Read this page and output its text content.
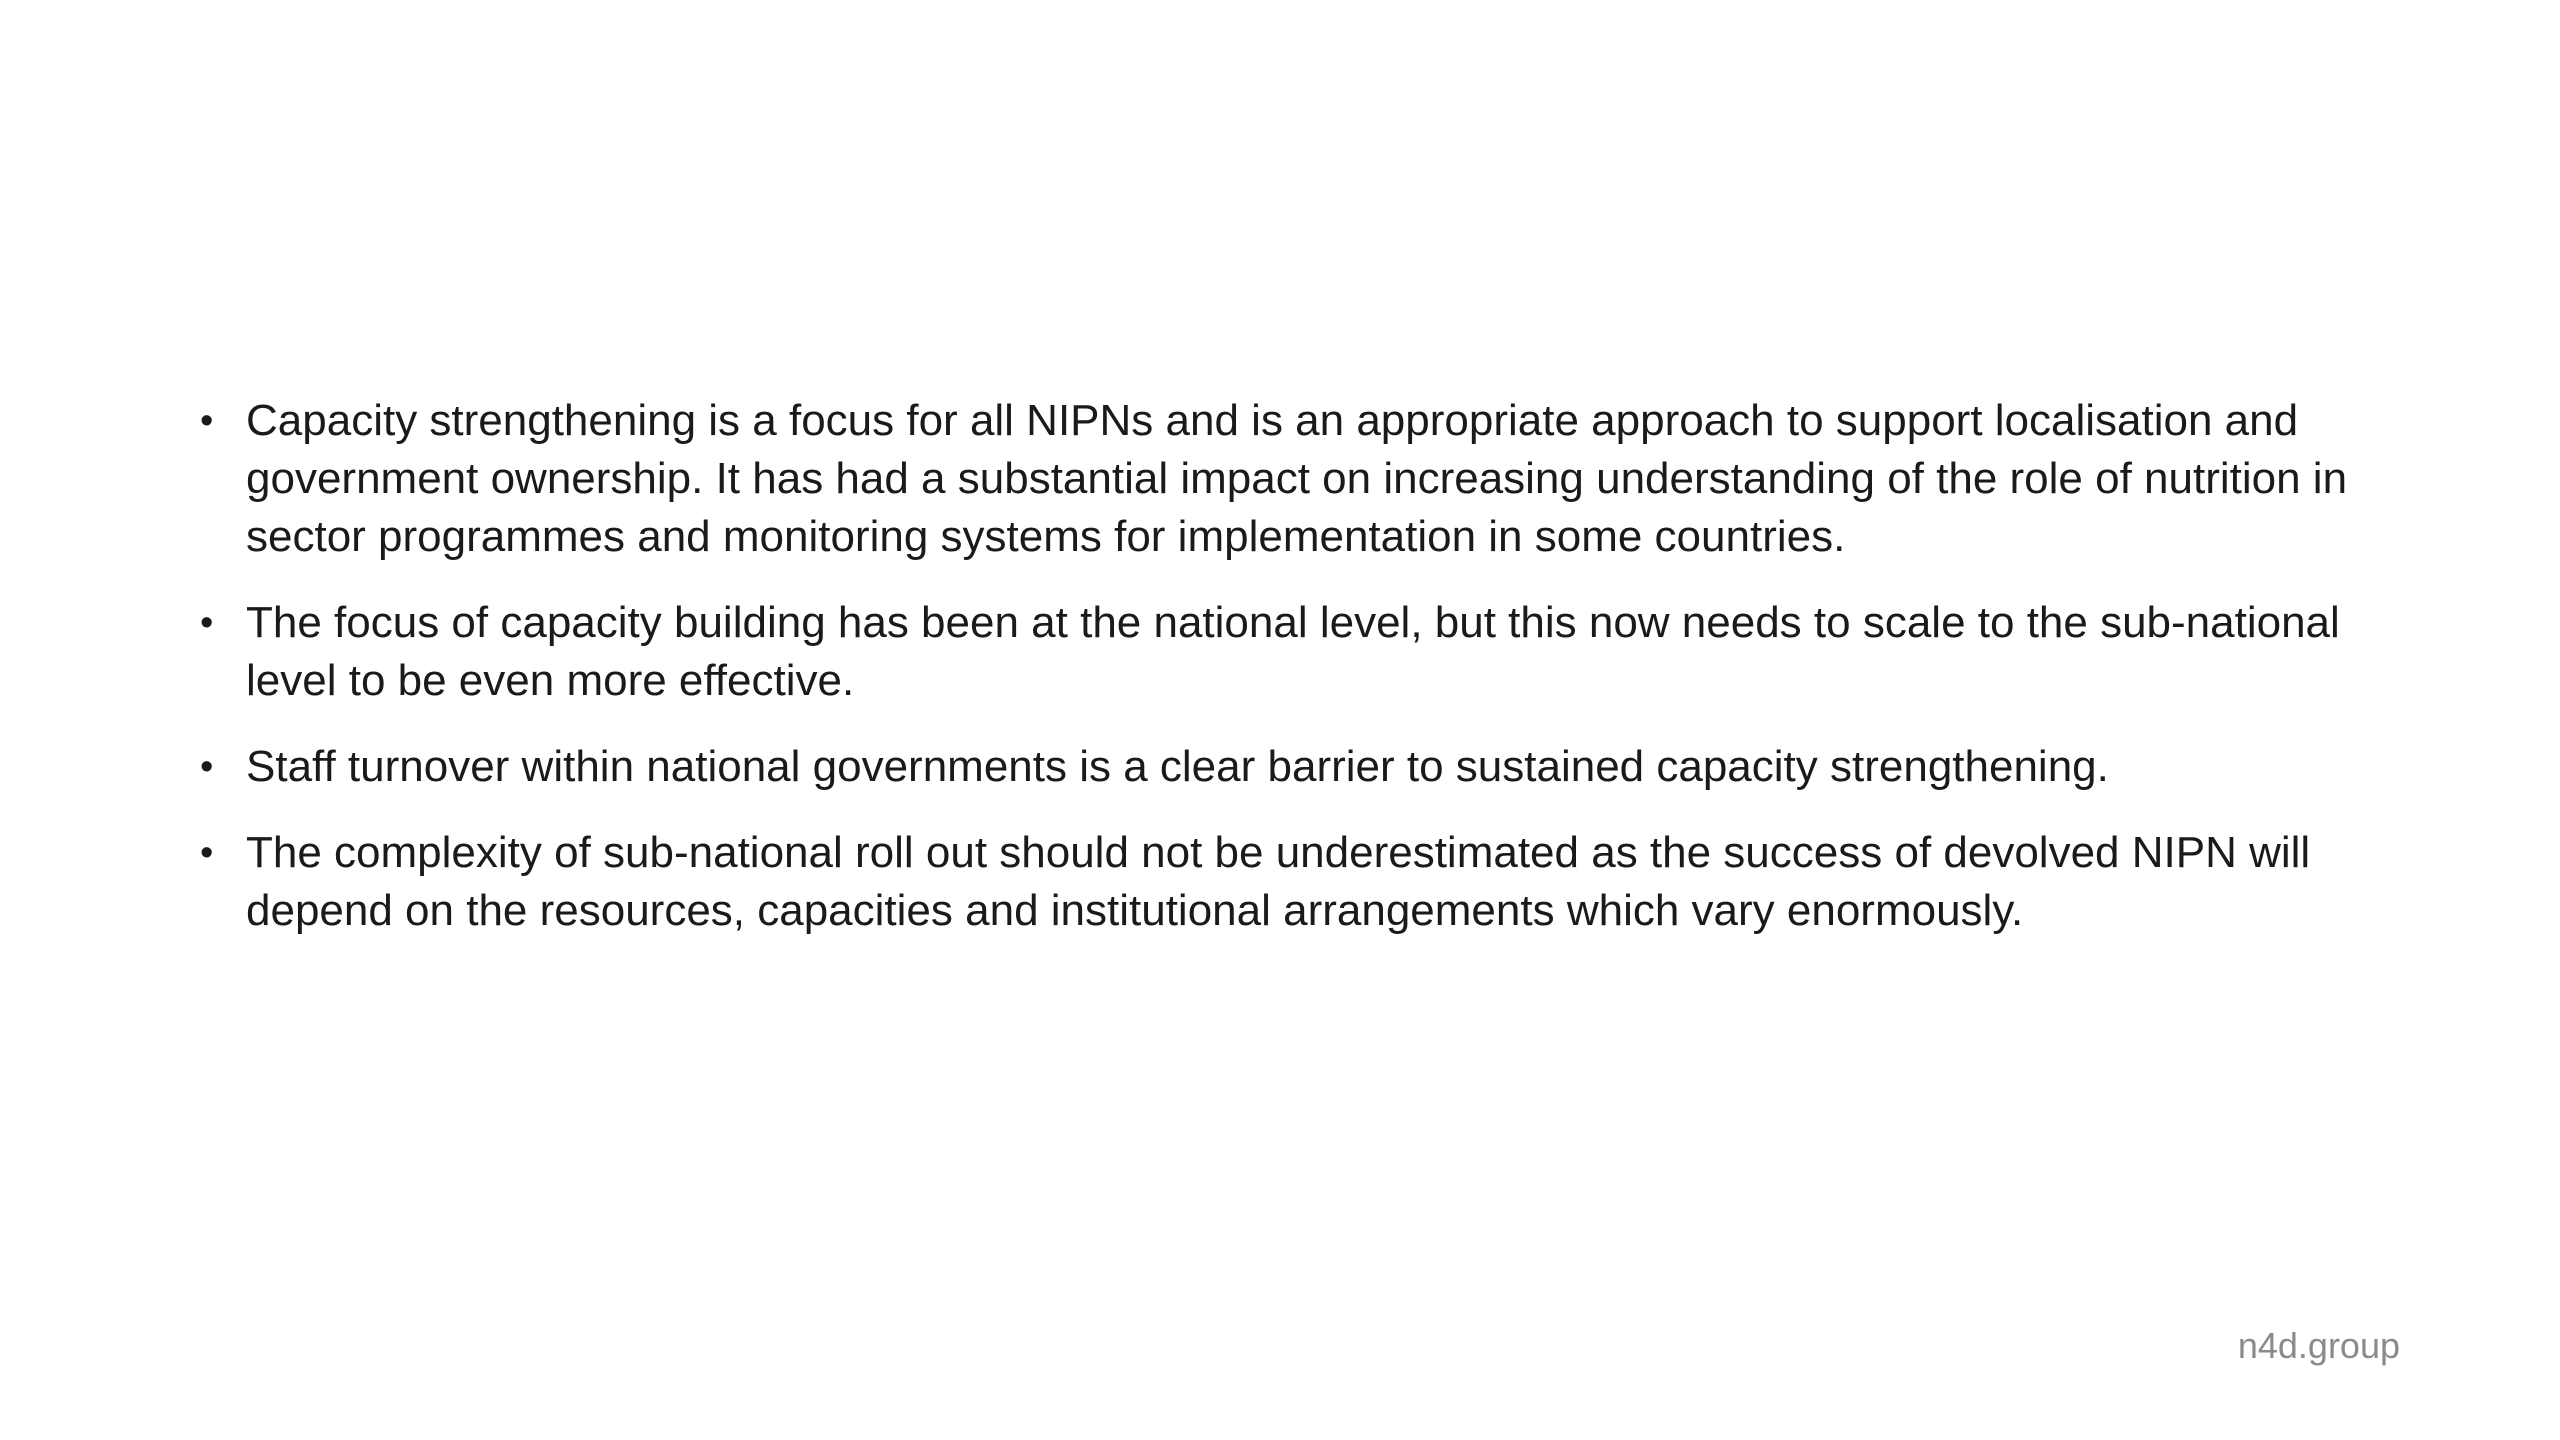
• Capacity strengthening is a focus for all NIPNs and is an appropriate approach to support localisation and government ownership. It has had a substantial impact on increasing understanding of the role of nutrition in sector programmes and monitoring systems for implementation in some countries.
• The focus of capacity building has been at the national level, but this now needs to scale to the sub-national level to be even more effective.
• Staff turnover within national governments is a clear barrier to sustained capacity strengthening.
• The complexity of sub-national roll out should not be underestimated as the success of devolved NIPN will depend on the resources, capacities and institutional arrangements which vary enormously.
n4d.group
